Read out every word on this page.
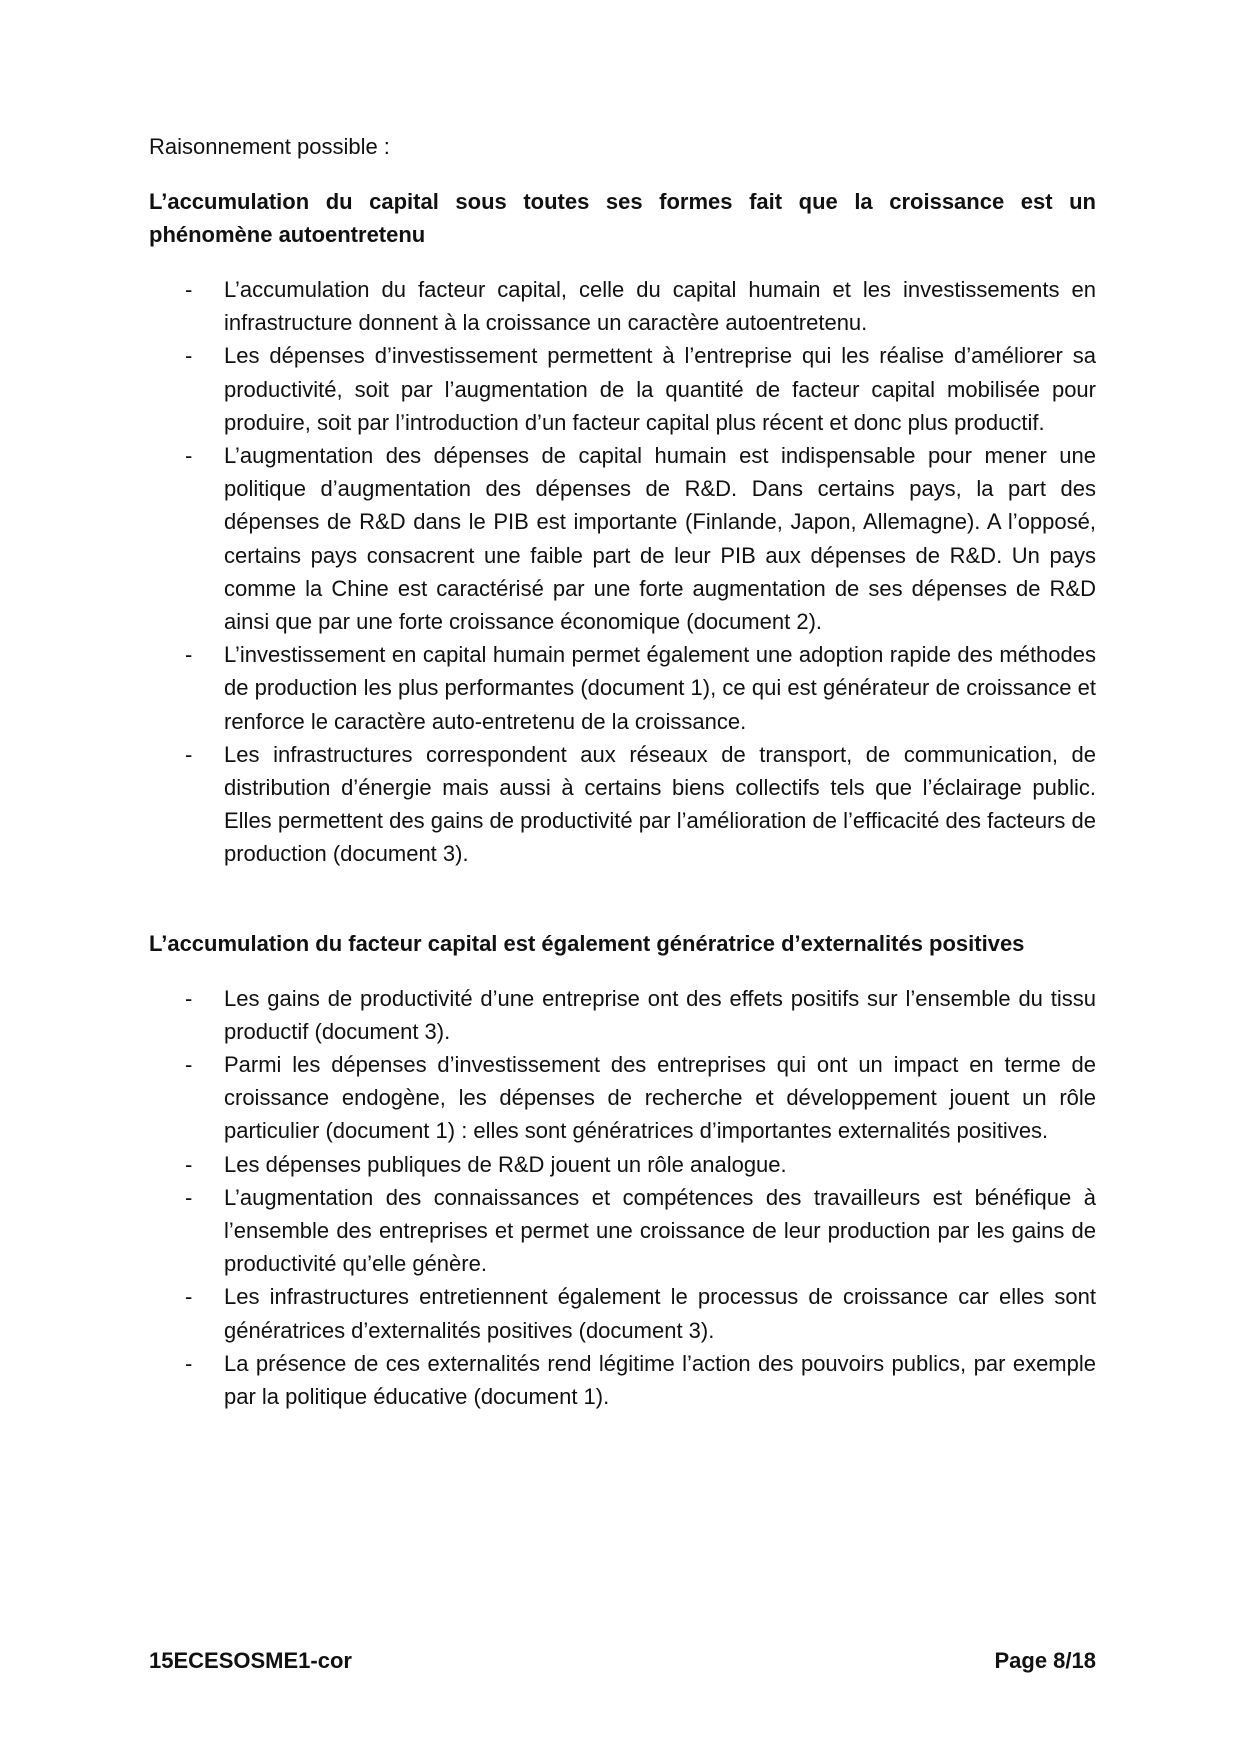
Raisonnement possible :

L’accumulation du capital sous toutes ses formes fait que la croissance est un phénomène autoentretenu

- L’accumulation du facteur capital, celle du capital humain et les investissements en infrastructure donnent à la croissance un caractère autoentretenu.
- Les dépenses d’investissement permettent à l’entreprise qui les réalise d’améliorer sa productivité, soit par l’augmentation de la quantité de facteur capital mobilisée pour produire, soit par l’introduction d’un facteur capital plus récent et donc plus productif.
- L’augmentation des dépenses de capital humain est indispensable pour mener une politique d’augmentation des dépenses de R&D. Dans certains pays, la part des dépenses de R&D dans le PIB est importante (Finlande, Japon, Allemagne). A l’opposé, certains pays consacrent une faible part de leur PIB aux dépenses de R&D. Un pays comme la Chine est caractérisé par une forte augmentation de ses dépenses de R&D ainsi que par une forte croissance économique (document 2).
- L’investissement en capital humain permet également une adoption rapide des méthodes de production les plus performantes (document 1), ce qui est générateur de croissance et renforce le caractère auto-entretenu de la croissance.
- Les infrastructures correspondent aux réseaux de transport, de communication, de distribution d’énergie mais aussi à certains biens collectifs tels que l’éclairage public. Elles permettent des gains de productivité par l’amélioration de l’efficacité des facteurs de production (document 3).

L’accumulation du facteur capital est également génératrice d’externalités positives

- Les gains de productivité d’une entreprise ont des effets positifs sur l’ensemble du tissu productif (document 3).
- Parmi les dépenses d’investissement des entreprises qui ont un impact en terme de croissance endogène, les dépenses de recherche et développement jouent un rôle particulier (document 1) : elles sont génératrices d’importantes externalités positives.
- Les dépenses publiques de R&D jouent un rôle analogue.
- L’augmentation des connaissances et compétences des travailleurs est bénéfique à l’ensemble des entreprises et permet une croissance de leur production par les gains de productivité qu’elle génère.
- Les infrastructures entretiennent également le processus de croissance car elles sont génératrices d’externalités positives (document 3).
- La présence de ces externalités rend légitime l’action des pouvoirs publics, par exemple par la politique éducative (document 1).
15ECESOSME1-cor	Page 8/18
